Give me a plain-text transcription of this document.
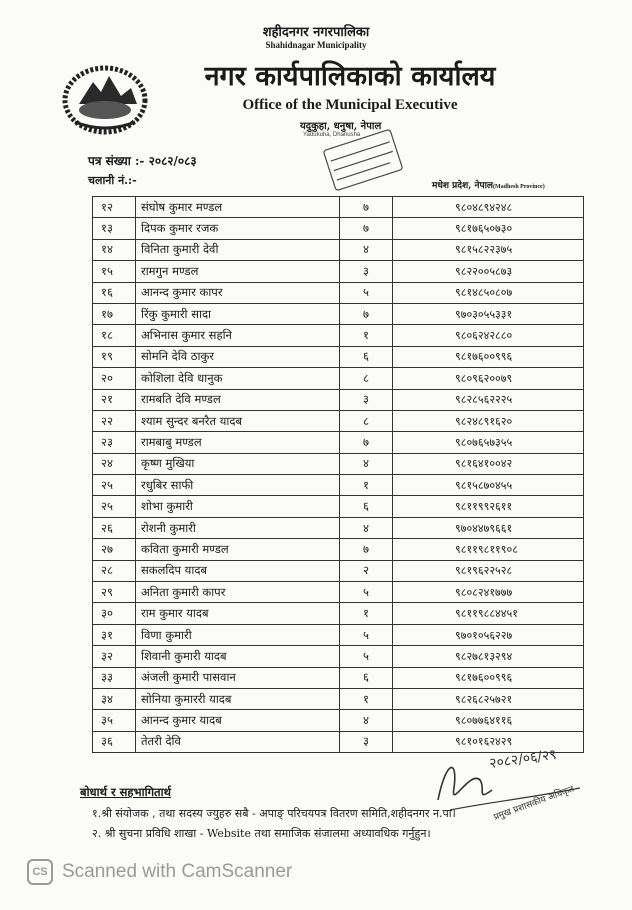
शहीदनगर नगरपालिका
Shahidnagar Municipality
नगर कार्यपालिकाको कार्यालय
Office of the Municipal Executive
यदुकुहा, धनुषा, नेपाल
Yadukuha, Dhanusha
पत्र संख्या :- २०८२/०८३
चलानी नं.:-	मधेश प्रदेश, नेपाल(Madhesh Province)
१२	संघोष कुमार मण्डल	७	९८०४८९४२४८
१३	दिपक कुमार रजक	७	९८१७६५०७३०
१४	विनिता कुमारी देवी	४	९८१५८२२३७५
१५	रामगुन मण्डल	३	९८२२००५८७३
१६	आनन्द कुमार कापर	५	९८१४८५०८०७
१७	रिंकु कुमारी सादा	७	९७०३०५५३३१
१८	अभिनास कुमार सहनि	१	९८०६२४२८८०
१९	सोमनि देवि ठाकुर	६	९८१७६००९९६
२०	कोशिला देवि धानुक	८	९८०९६२००७९
२१	रामबति देवि मण्डल	३	९८२८५६२२२५
२२	श्याम सुन्दर बनरैत यादब	८	९८२४८९१६२०
२३	रामबाबु मण्डल	७	९८०७६५७३५५
२४	कृष्ण मुखिया	४	९८१६४१००४२
२५	रधुबिर साफी	१	९८१५८७०४५५
२५	शोभा कुमारी	६	९८११९९२६११
२६	रोशनी कुमारी	४	९७०४४७९६६१
२७	कविता कुमारी मण्डल	७	९८११९८११९०८
२८	सकलदिप यादब	२	९८१९६२२५२८
२९	अनिता कुमारी कापर	५	९८०८२४१७७७
३०	राम कुमार यादब	१	९८११९८८४४५१
३१	विणा कुमारी	५	९७०१०५६२२७
३२	शिवानी कुमारी यादब	५	९८२७८१३२९४
३३	अंजली कुमारी पासवान	६	९८१७६००९९६
३४	सोनिया कुमाररी यादब	१	९८२६८२५७२१
३५	आनन्द कुमार यादब	४	९८०७७६४११६
३६	तेतरी देवि	३	९८१०१६२४२९
२०८२/०६/२९
प्रमुख प्रशासकीय अधिकृत
बोधार्थ र सहभागितार्थ
१.श्री संयोजक , तथा सदस्य ज्युहरु सबै - अपाङ् परिचयपत्र वितरण समिति,शहीदनगर न.पा।
२. श्री सुचना प्रविधि शाखा - Website तथा समाजिक संजालमा अध्यावधिक गर्नुहुन।
CS Scanned with CamScanner
